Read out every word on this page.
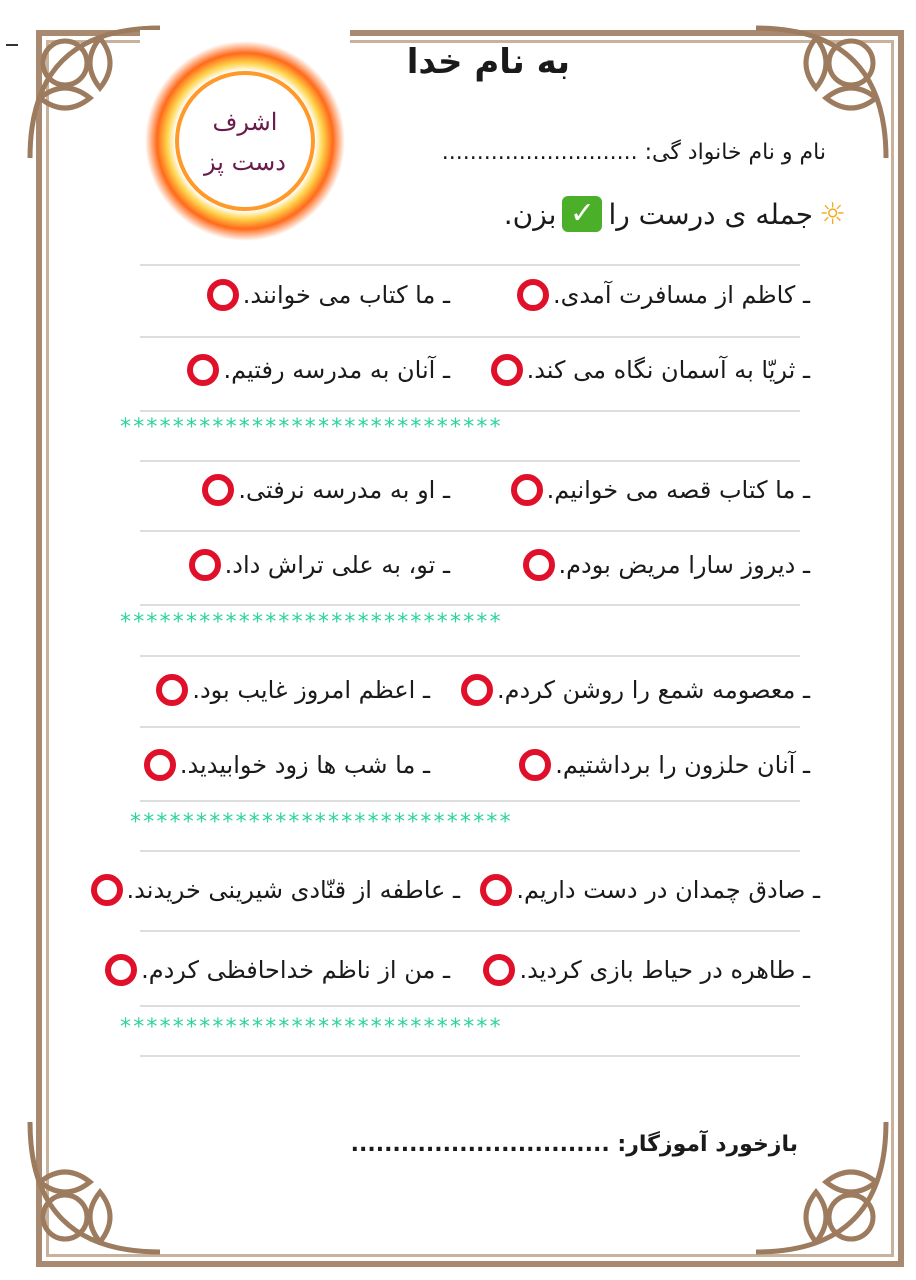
اشرف
دست پز
به نام خدا
نام و نام خانواد گی: ............................
☼
جمله ی درست را
✓
بزن.
ـ کاظم از مسافرت آمدی.
ـ ما کتاب می خوانند.
ـ ثریّا به آسمان نگاه می کند.
ـ آنان به مدرسه رفتیم.
*****************************
ـ ما کتاب قصه می خوانیم.
ـ او به مدرسه نرفتی.
ـ دیروز سارا مریض بودم.
ـ تو، به علی تراش داد.
*****************************
ـ معصومه شمع را روشن کردم.
ـ اعظم امروز غایب بود.
ـ آنان حلزون را برداشتیم.
ـ ما شب ها زود خوابیدید.
*****************************
ـ صادق چمدان در دست داریم.
ـ عاطفه از قنّادی شیرینی خریدند.
ـ طاهره در حیاط بازی کردید.
ـ من از ناظم خداحافظی کردم.
*****************************
بازخورد آموزگار: ...............................
